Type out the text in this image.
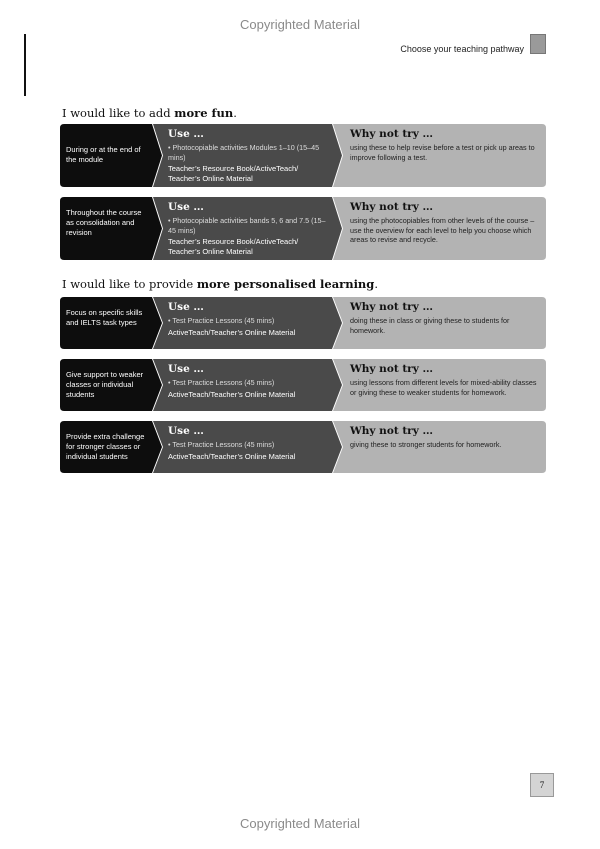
Copyrighted Material
Choose your teaching pathway
I would like to add more fun.
During or at the end of the module
Use …
• Photocopiable activities Modules 1–10 (15–45 mins)
Teacher’s Resource Book/ActiveTeach/ Teacher’s Online Material
Why not try …
using these to help revise before a test or pick up areas to improve following a test.
Throughout the course as consolidation and revision
Use …
• Photocopiable activities bands 5, 6 and 7.5 (15–45 mins)
Teacher’s Resource Book/ActiveTeach/ Teacher’s Online Material
Why not try …
using the photocopiables from other levels of the course – use the overview for each level to help you choose which areas to revise and recycle.
I would like to provide more personalised learning.
Focus on specific skills and IELTS task types
Use …
• Test Practice Lessons (45 mins)
ActiveTeach/Teacher’s Online Material
Why not try …
doing these in class or giving these to students for homework.
Give support to weaker classes or individual students
Use …
• Test Practice Lessons (45 mins)
ActiveTeach/Teacher’s Online Material
Why not try …
using lessons from different levels for mixed-ability classes or giving these to weaker students for homework.
Provide extra challenge for stronger classes or individual students
Use …
• Test Practice Lessons (45 mins)
ActiveTeach/Teacher’s Online Material
Why not try …
giving these to stronger students for homework.
7
Copyrighted Material
